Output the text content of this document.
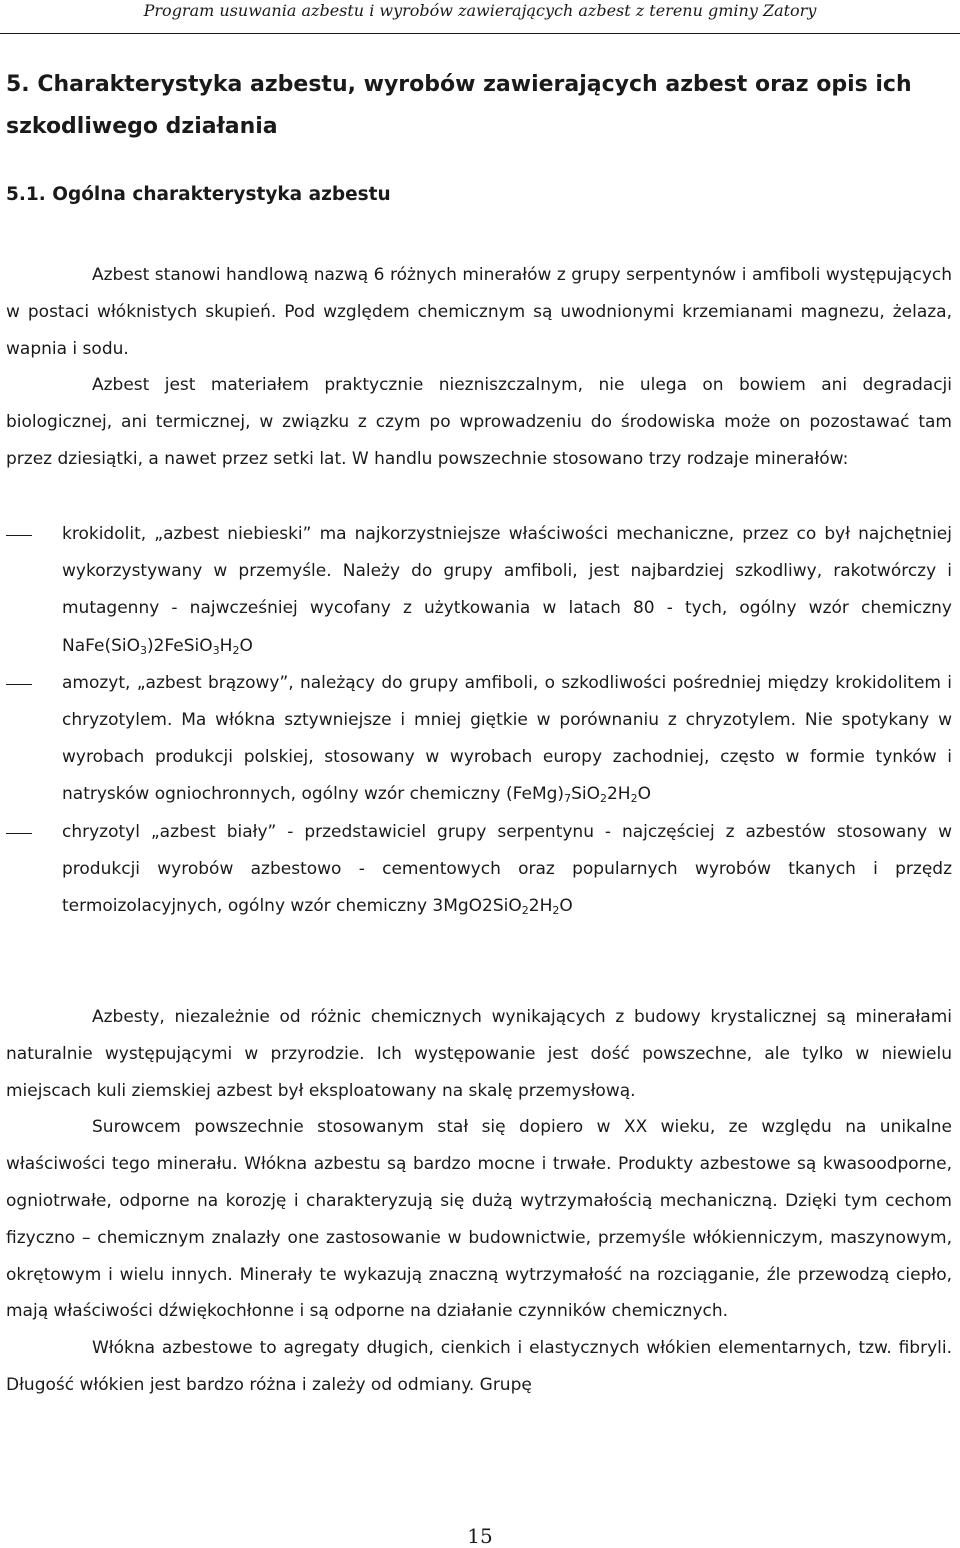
Program usuwania azbestu i wyrobów zawierających azbest z terenu gminy Zatory
5. Charakterystyka azbestu, wyrobów zawierających azbest oraz opis ich szkodliwego działania
5.1. Ogólna charakterystyka azbestu

Azbest stanowi handlową nazwą 6 różnych minerałów z grupy serpentynów i amfiboli występujących w postaci włóknistych skupień. Pod względem chemicznym są uwodnionymi krzemianami magnezu, żelaza, wapnia i sodu.

Azbest jest materiałem praktycznie niezniszczalnym, nie ulega on bowiem ani degradacji biologicznej, ani termicznej, w związku z czym po wprowadzeniu do środowiska może on pozostawać tam przez dziesiątki, a nawet przez setki lat. W handlu powszechnie stosowano trzy rodzaje minerałów:

krokidolit, „azbest niebieski” ma najkorzystniejsze właściwości mechaniczne, przez co był najchętniej wykorzystywany w przemyśle. Należy do grupy amfiboli, jest najbardziej szkodliwy, rakotwórczy i mutagenny - najwcześniej wycofany z użytkowania w latach 80 - tych, ogólny wzór chemiczny $NaFe(SiO_3)2FeSiO_3H_2O$
amozyt, „azbest brązowy”, należący do grupy amfiboli, o szkodliwości pośredniej między krokidolitem i chryzotylem. Ma włókna sztywniejsze i mniej giętkie w porównaniu z chryzotylem. Nie spotykany w wyrobach produkcji polskiej, stosowany w wyrobach europy zachodniej, często w formie tynków i natrysków ogniochronnych, ogólny wzór chemiczny $(FeMg)_7SiO_22H_2O$
chryzotyl „azbest biały” - przedstawiciel grupy serpentynu - najczęściej z azbestów stosowany w produkcji wyrobów azbestowo - cementowych oraz popularnych wyrobów tkanych i przędz termoizolacyjnych, ogólny wzór chemiczny $3MgO2SiO_22H_2O$

Azbesty, niezależnie od różnic chemicznych wynikających z budowy krystalicznej są minerałami naturalnie występującymi w przyrodzie. Ich występowanie jest dość powszechne, ale tylko w niewielu miejscach kuli ziemskiej azbest był eksploatowany na skalę przemysłową.

Surowcem powszechnie stosowanym stał się dopiero w XX wieku, ze względu na unikalne właściwości tego minerału. Włókna azbestu są bardzo mocne i trwałe. Produkty azbestowe są kwasoodporne, ogniotrwałe, odporne na korozję i charakteryzują się dużą wytrzymałością mechaniczną. Dzięki tym cechom fizyczno – chemicznym znalazły one zastosowanie w budownictwie, przemyśle włókienniczym, maszynowym, okrętowym i wielu innych. Minerały te wykazują znaczną wytrzymałość na rozciąganie, źle przewodzą ciepło, mają właściwości dźwiękochłonne i są odporne na działanie czynników chemicznych.

Włókna azbestowe to agregaty długich, cienkich i elastycznych włókien elementarnych, tzw. fibryli. Długość włókien jest bardzo różna i zależy od odmiany. Grupę

15
